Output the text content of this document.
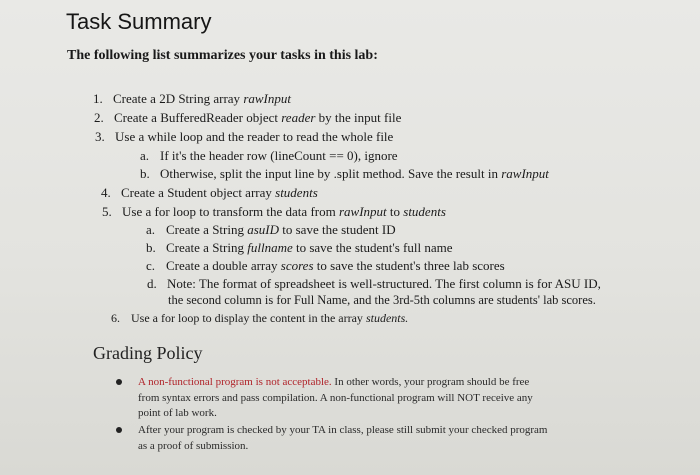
Task Summary
The following list summarizes your tasks in this lab:
1. Create a 2D String array rawInput
2. Create a BufferedReader object reader by the input file
3. Use a while loop and the reader to read the whole file
a. If it's the header row (lineCount == 0), ignore
b. Otherwise, split the input line by .split method. Save the result in rawInput
4. Create a Student object array students
5. Use a for loop to transform the data from rawInput to students
a. Create a String asuID to save the student ID
b. Create a String fullname to save the student's full name
c. Create a double array scores to save the student's three lab scores
d. Note: The format of spreadsheet is well-structured. The first column is for ASU ID,
the second column is for Full Name, and the 3rd-5th columns are students' lab scores.
6. Use a for loop to display the content in the array students.
Grading Policy
A non-functional program is not acceptable. In other words, your program should be free
from syntax errors and pass compilation. A non-functional program will NOT receive any
point of lab work.
After your program is checked by your TA in class, please still submit your checked program
as a proof of submission.
